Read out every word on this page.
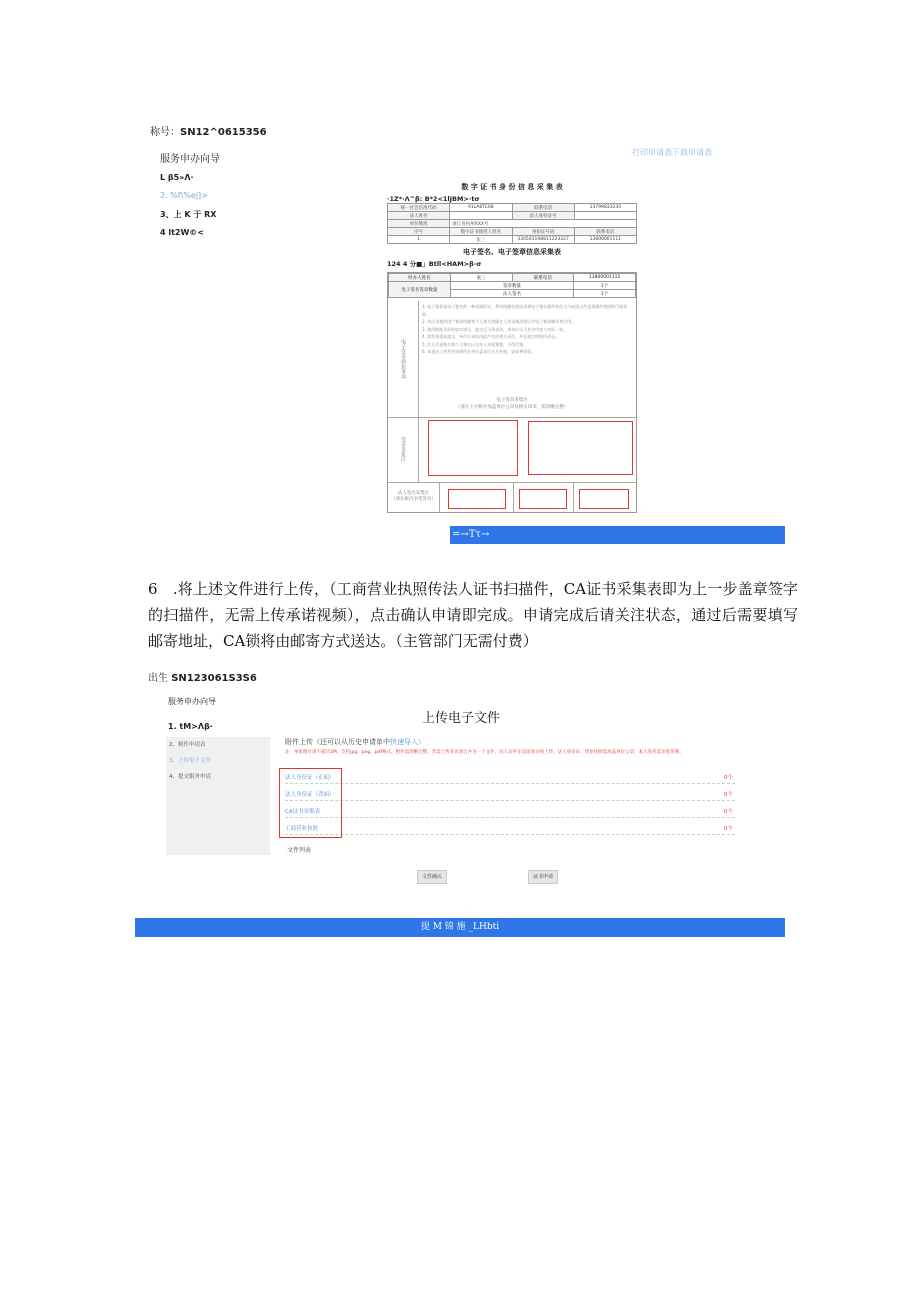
称号：SN12^0615356
服务申办向导
打印申请表下载申请表
L β5»Λ·
2. %f\%ej]>
3、上 K 于 RX
4 lt2W©<
数 字 证 书 身 份 信 息 采 集 表
·1Z*·Λ^β: B*2<1lJBM>·tσ
统一社会信用代码	91LA8TE6B	联系电话	13799833230
法人姓名		法人身份证号	
单位地址	浙江省杭州XXX号		
序号	数字证书使用人姓名	身份证号码	联系电话
1	张三	330501198811223327	13800001111
电子签名、电子签章信息采集表
124 4 分■」Btll<HAM>β·σ
经办人姓名	张三	联系电话	13800001111
电子签名签章数量	签章数量		1个
	法人签名		1个
电子签章须知事项
1. 电子签章是电子签名的一种表现形式，利用图像处理技术将电子签名操作转化为与纸质文件盖章操作相同的可视效果。
2. 单位采集的用户签章图像和个人签名图像在上述采集清理后作电子签章制作和应用。
3. 使用数据及资料如实填写，提交后不得更改，本单位认可其中内容与实际一致。
4. 如发现重复提交，单位应承担由此产生的相关责任，并在规定时间内更正。
5. 法人代表签名和个人签名应由本人亲笔签署，不得代签。
6. 本表由工商营业执照所在单位盖章后方为有效，请妥善保管。
电子签章采集区
（请在下方框中加盖单位公章及相关印章，需清晰完整）
签章采集区
法人签名采集区
（请在框内亲笔签名）
=→Tτ→
6　.将上述文件进行上传，（工商营业执照传法人证书扫描件，CA证书采集表即为上一步盖章签字的扫描件，无需上传承诺视频），点击确认申请即完成。申请完成后请关注状态，通过后需要填写邮寄地址，CA锁将由邮寄方式送达。（主管部门无需付费）
出生 SN123061S3S6
服务申办向导
上传电子文件
1. tM>Λβ·
2、制作申请表
3、上传电子文件
4、提交服务申请
附件上传（还可以从历史申请单中快速导入）
注：单张图片请不超过2M，支持jpg、png、pdf格式，附件需清晰完整，若需上传多页请合并为一个文件，法人证件正反面须分别上传。法人身份证、营业执照需加盖单位公章，本人签名需亲笔签署。
法人身份证（正面）	0个
法人身份证（背面）	0个
CA证书采集表	0个
工商营业执照	0个
文件列表
文件确认	证书申请
提 M 锦 施 _LHbti
